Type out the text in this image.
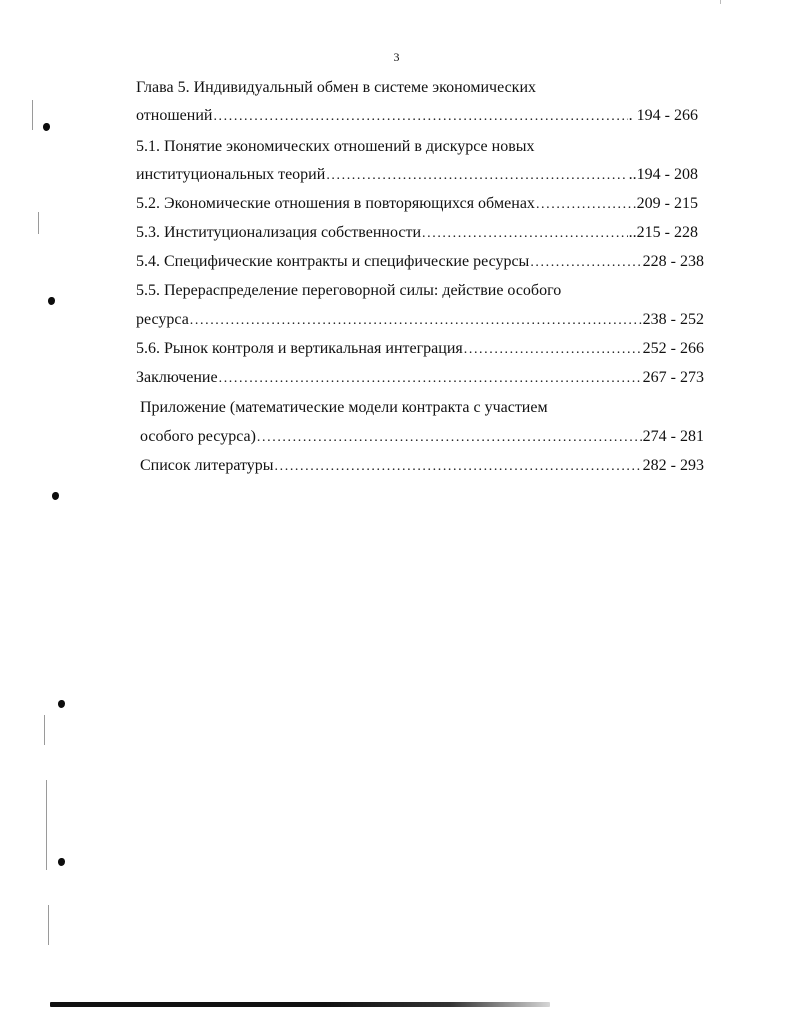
3
Глава 5. Индивидуальный обмен в системе экономических
отношений .....	. 194 - 266
5.1. Понятие экономических отношений в дискурсе новых
институциональных теорий .....	..194 - 208
5.2. Экономические отношения в повторяющихся обменах .....	209 - 215
5.3. Институционализация собственности .....	..215 - 228
5.4. Специфические контракты и специфические ресурсы .....	228 - 238
5.5. Перераспределение переговорной силы: действие особого
ресурса .....	238 - 252
5.6. Рынок контроля и вертикальная интеграция .....	252 - 266
Заключение .....	267 - 273
Приложение (математические модели контракта с участием
особого ресурса) .....	274 - 281
Список литературы .....	282 - 293
